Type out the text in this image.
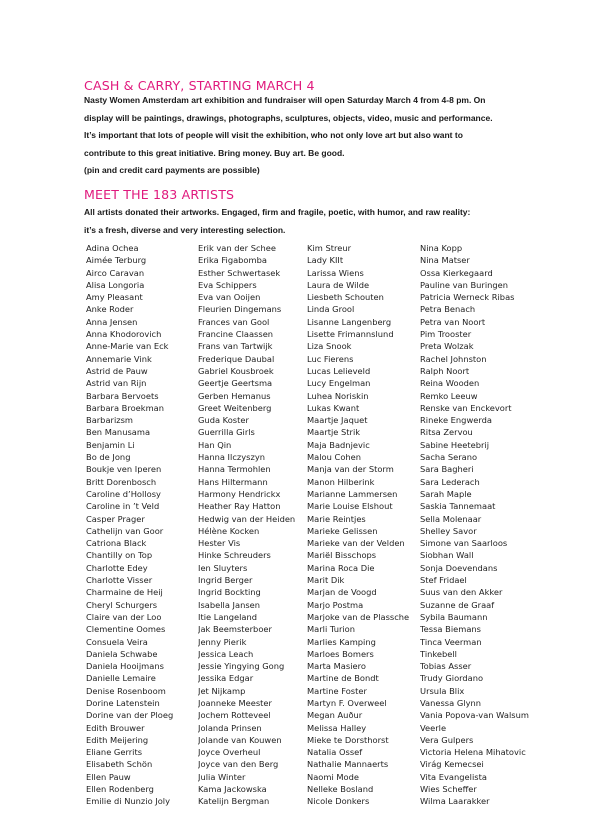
CASH & CARRY, STARTING MARCH 4
Nasty Women Amsterdam art exhibition and fundraiser will open Saturday March 4 from 4-8 pm. On
display will be paintings, drawings, photographs, sculptures, objects, video, music and performance.
It’s important that lots of people will visit the exhibition, who not only love art but also want to
contribute to this great initiative. Bring money. Buy art. Be good.
(pin and credit card payments are possible)
MEET THE 183 ARTISTS
All artists donated their artworks. Engaged, firm and fragile, poetic, with humor, and raw reality:
it’s a fresh, diverse and very interesting selection.
Adina Ochea
Aimée Terburg
Airco Caravan
Alisa Longoria
Amy Pleasant
Anke Roder
Anna Jensen
Anna Khodorovich
Anne-Marie van Eck
Annemarie Vink
Astrid de Pauw
Astrid van Rijn
Barbara Bervoets
Barbara Broekman
Barbarizsm
Ben Manusama
Benjamin Li
Bo de Jong
Boukje ven Iperen
Britt Dorenbosch
Caroline d’Hollosy
Caroline in ’t Veld
Casper Prager
Cathelijn van Goor
Catriona Black
Chantilly on Top
Charlotte Edey
Charlotte Visser
Charmaine de Heij
Cheryl Schurgers
Claire van der Loo
Clementine Oomes
Consuela Veira
Daniela Schwabe
Daniela Hooijmans
Danielle Lemaire
Denise Rosenboom
Dorine Latenstein
Dorine van der Ploeg
Edith Brouwer
Edith Meijering
Eliane Gerrits
Elisabeth Schön
Ellen Pauw
Ellen Rodenberg
Emilie di Nunzio Joly
Erik van der Schee
Erika Figabomba
Esther Schwertasek
Eva Schippers
Eva van Ooijen
Fleurien Dingemans
Frances van Gool
Francine Claassen
Frans van Tartwijk
Frederique Daubal
Gabriel Kousbroek
Geertje Geertsma
Gerben Hemanus
Greet Weitenberg
Guda Koster
Guerrilla Girls
Han Qin
Hanna Ilczyszyn
Hanna Termohlen
Hans Hiltermann
Harmony Hendrickx
Heather Ray Hatton
Hedwig van der Heiden
Hélène Kocken
Hester Vis
Hinke Schreuders
Ien Sluyters
Ingrid Berger
Ingrid Bockting
Isabella Jansen
Itie Langeland
Jak Beemsterboer
Jenny Pierik
Jessica Leach
Jessie Yingying Gong
Jessika Edgar
Jet Nijkamp
Joanneke Meester
Jochem Rotteveel
Jolanda Prinsen
Jolande van Kouwen
Joyce Overheul
Joyce van den Berg
Julia Winter
Kama Jackowska
Katelijn Bergman
Kim Streur
Lady KIIt
Larissa Wiens
Laura de Wilde
Liesbeth Schouten
Linda Grool
Lisanne Langenberg
Lisette Frimannslund
Liza Snook
Luc Fierens
Lucas Lelieveld
Lucy Engelman
Luhea Noriskin
Lukas Kwant
Maartje Jaquet
Maartje Strik
Maja Badnjevic
Malou Cohen
Manja van der Storm
Manon Hilberink
Marianne Lammersen
Marie Louise Elshout
Marie Reintjes
Marieke Gelissen
Marieke van der Velden
Mariël Bisschops
Marina Roca Die
Marit Dik
Marjan de Voogd
Marjo Postma
Marjoke van de Plassche
Marli Turion
Marlies Kamping
Marloes Bomers
Marta Masiero
Martine de Bondt
Martine Foster
Martyn F. Overweel
Megan Auður
Melissa Halley
Mieke te Dorsthorst
Natalia Ossef
Nathalie Mannaerts
Naomi Mode
Nelleke Bosland
Nicole Donkers
Nina Kopp
Nina Matser
Ossa Kierkegaard
Pauline van Buringen
Patricia Werneck Ribas
Petra Benach
Petra van Noort
Pim Trooster
Preta Wolzak
Rachel Johnston
Ralph Noort
Reina Wooden
Remko Leeuw
Renske van Enckevort
Rineke Engwerda
Ritsa Zervou
Sabine Heetebrij
Sacha Serano
Sara Bagheri
Sara Lederach
Sarah Maple
Saskia Tannemaat
Sella Molenaar
Shelley Savor
Simone van Saarloos
Siobhan Wall
Sonja Doevendans
Stef Fridael
Suus van den Akker
Suzanne de Graaf
Sybila Baumann
Tessa Biemans
Tinca Veerman
Tinkebell
Tobias Asser
Trudy Giordano
Ursula Blix
Vanessa Glynn
Vania Popova-van Walsum
Veerle
Vera Gulpers
Victoria Helena Mihatovic
Virág Kemecsei
Vita Evangelista
Wies Scheffer
Wilma Laarakker
